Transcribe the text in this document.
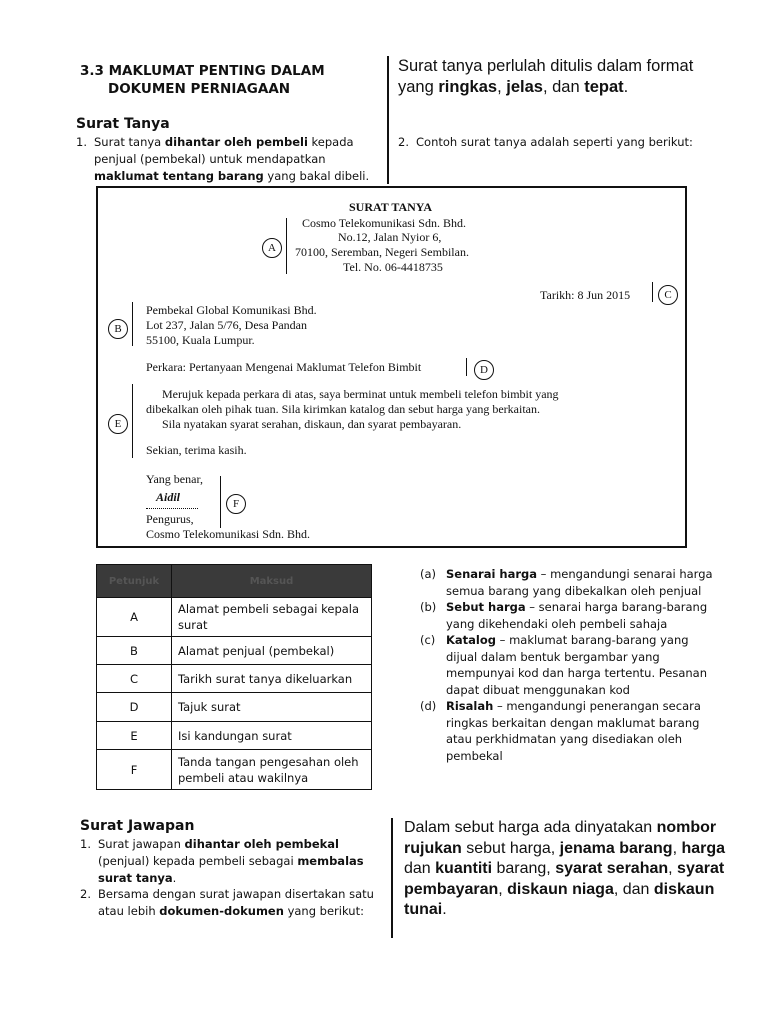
3.3 MAKLUMAT PENTING DALAM
DOKUMEN PERNIAGAAN
Surat Tanya
1. Surat tanya dihantar oleh pembeli kepada penjual (pembekal) untuk mendapatkan maklumat tentang barang yang bakal dibeli.
Surat tanya perlulah ditulis dalam format yang ringkas, jelas, dan tepat.
2. Contoh surat tanya adalah seperti yang berikut:
SURAT TANYA
A
Cosmo Telekomunikasi Sdn. Bhd.
No.12, Jalan Nyior 6,
70100, Seremban, Negeri Sembilan.
Tel. No. 06-4418735
Tarikh: 8 Jun 2015	C
B
Pembekal Global Komunikasi Bhd.
Lot 237, Jalan 5/76, Desa Pandan
55100, Kuala Lumpur.
Perkara: Pertanyaan Mengenai Maklumat Telefon Bimbit	D
E
Merujuk kepada perkara di atas, saya berminat untuk membeli telefon bimbit yang
dibekalkan oleh pihak tuan. Sila kirimkan katalog dan sebut harga yang berkaitan.
Sila nyatakan syarat serahan, diskaun, dan syarat pembayaran.
Sekian, terima kasih.
Yang benar,
Aidil	F
Pengurus,
Cosmo Telekomunikasi Sdn. Bhd.
Petunjuk	Maksud
A	Alamat pembeli sebagai kepala surat
B	Alamat penjual (pembekal)
C	Tarikh surat tanya dikeluarkan
D	Tajuk surat
E	Isi kandungan surat
F	Tanda tangan pengesahan oleh pembeli atau wakilnya
(a) Senarai harga – mengandungi senarai harga semua barang yang dibekalkan oleh penjual
(b) Sebut harga – senarai harga barang-barang yang dikehendaki oleh pembeli sahaja
(c) Katalog – maklumat barang-barang yang dijual dalam bentuk bergambar yang mempunyai kod dan harga tertentu. Pesanan dapat dibuat menggunakan kod
(d) Risalah – mengandungi penerangan secara ringkas berkaitan dengan maklumat barang atau perkhidmatan yang disediakan oleh pembekal
Surat Jawapan
1. Surat jawapan dihantar oleh pembekal (penjual) kepada pembeli sebagai membalas surat tanya.
2. Bersama dengan surat jawapan disertakan satu atau lebih dokumen-dokumen yang berikut:
Dalam sebut harga ada dinyatakan nombor rujukan sebut harga, jenama barang, harga dan kuantiti barang, syarat serahan, syarat pembayaran, diskaun niaga, dan diskaun tunai.
